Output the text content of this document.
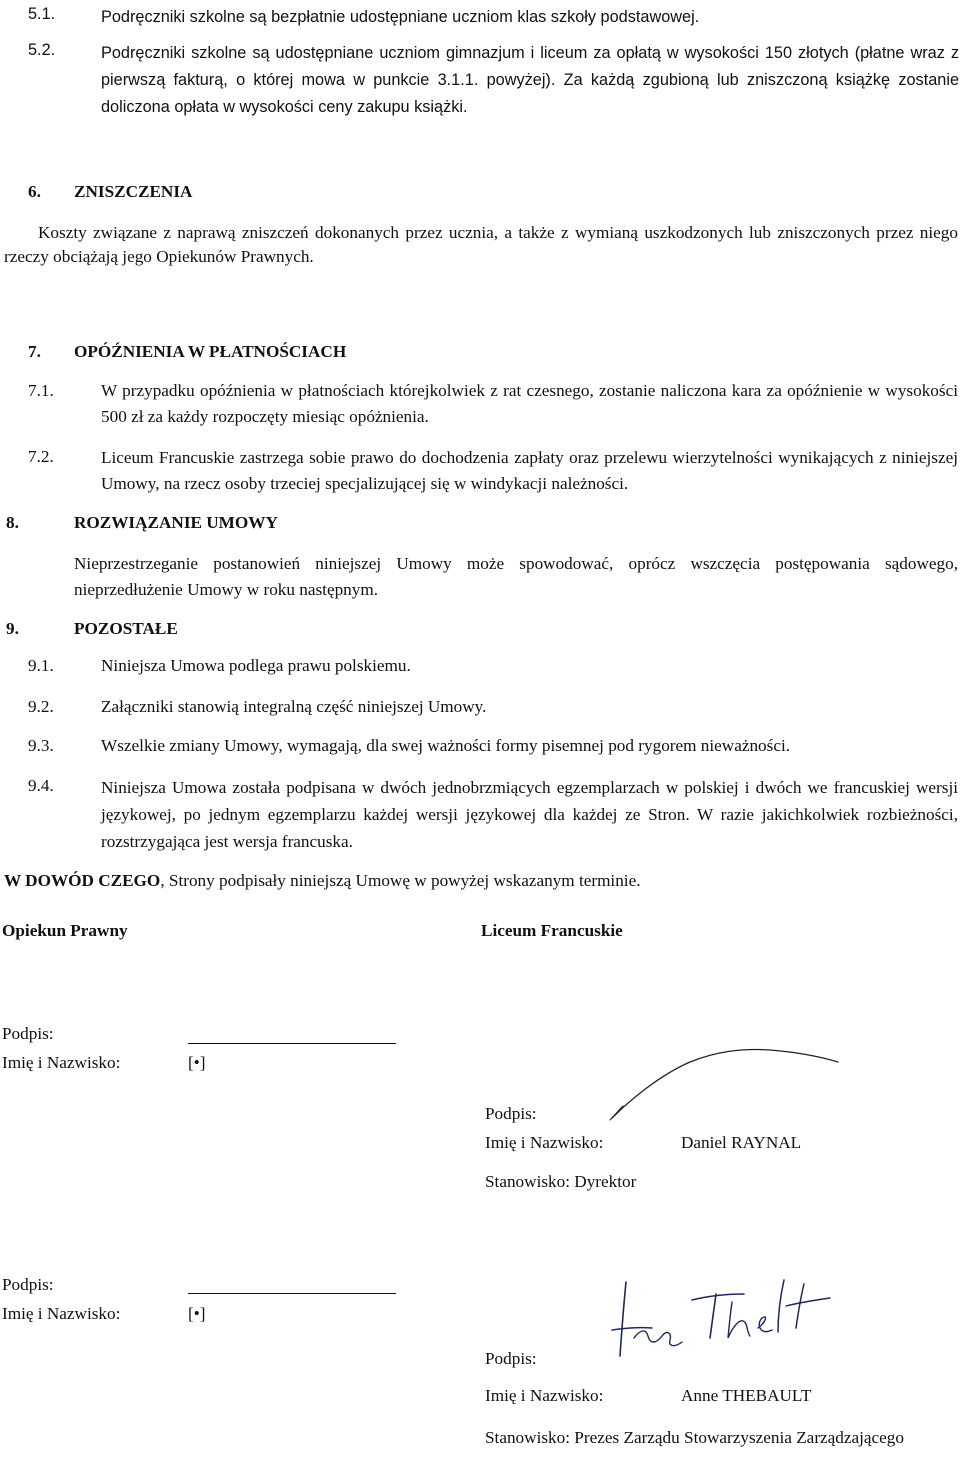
5.1.	Podręczniki szkolne są bezpłatnie udostępniane uczniom klas szkoły podstawowej.
5.2.	Podręczniki szkolne są udostępniane uczniom gimnazjum i liceum za opłatą w wysokości 150 złotych (płatne wraz z pierwszą fakturą, o której mowa w punkcie 3.1.1. powyżej). Za każdą zgubioną lub zniszczoną książkę zostanie doliczona opłata w wysokości ceny zakupu książki.
6. ZNISZCZENIA
Koszty związane z naprawą zniszczeń dokonanych przez ucznia, a także z wymianą uszkodzonych lub zniszczonych przez niego rzeczy obciążają jego Opiekunów Prawnych.
7. OPÓŹNIENIA W PŁATNOŚCIACH
7.1.	W przypadku opóźnienia w płatnościach którejkolwiek z rat czesnego, zostanie naliczona kara za opóźnienie w wysokości 500 zł za każdy rozpoczęty miesiąc opóżnienia.
7.2.	Liceum Francuskie zastrzega sobie prawo do dochodzenia zapłaty oraz przelewu wierzytelności wynikających z niniejszej Umowy, na rzecz osoby trzeciej specjalizującej się w windykacji należności.
8.	ROZWIĄZANIE UMOWY
Nieprzestrzeganie postanowień niniejszej Umowy może spowodować, oprócz wszczęcia postępowania sądowego, nieprzedłużenie Umowy w roku następnym.
9.	POZOSTAŁE
9.1.	Niniejsza Umowa podlega prawu polskiemu.
9.2.	Załączniki stanowią integralną część niniejszej Umowy.
9.3.	Wszelkie zmiany Umowy, wymagają, dla swej ważności formy pisemnej pod rygorem nieważności.
9.4.	Niniejsza Umowa została podpisana w dwóch jednobrzmiących egzemplarzach w polskiej i dwóch we francuskiej wersji językowej, po jednym egzemplarzu każdej wersji językowej dla każdej ze Stron. W razie jakichkolwiek rozbieżności, rozstrzygająca jest wersja francuska.
W DOWÓD CZEGO, Strony podpisały niniejszą Umowę w powyżej wskazanym terminie.
Opiekun Prawny	Liceum Francuskie
Podpis:
Imię i Nazwisko:	[•]
Podpis:
Imię i Nazwisko:	Daniel RAYNAL
Stanowisko: Dyrektor
Podpis:
Imię i Nazwisko:	[•]
Podpis:
Imię i Nazwisko:	Anne THEBAULT
Stanowisko: Prezes Zarządu Stowarzyszenia Zarządzającego
